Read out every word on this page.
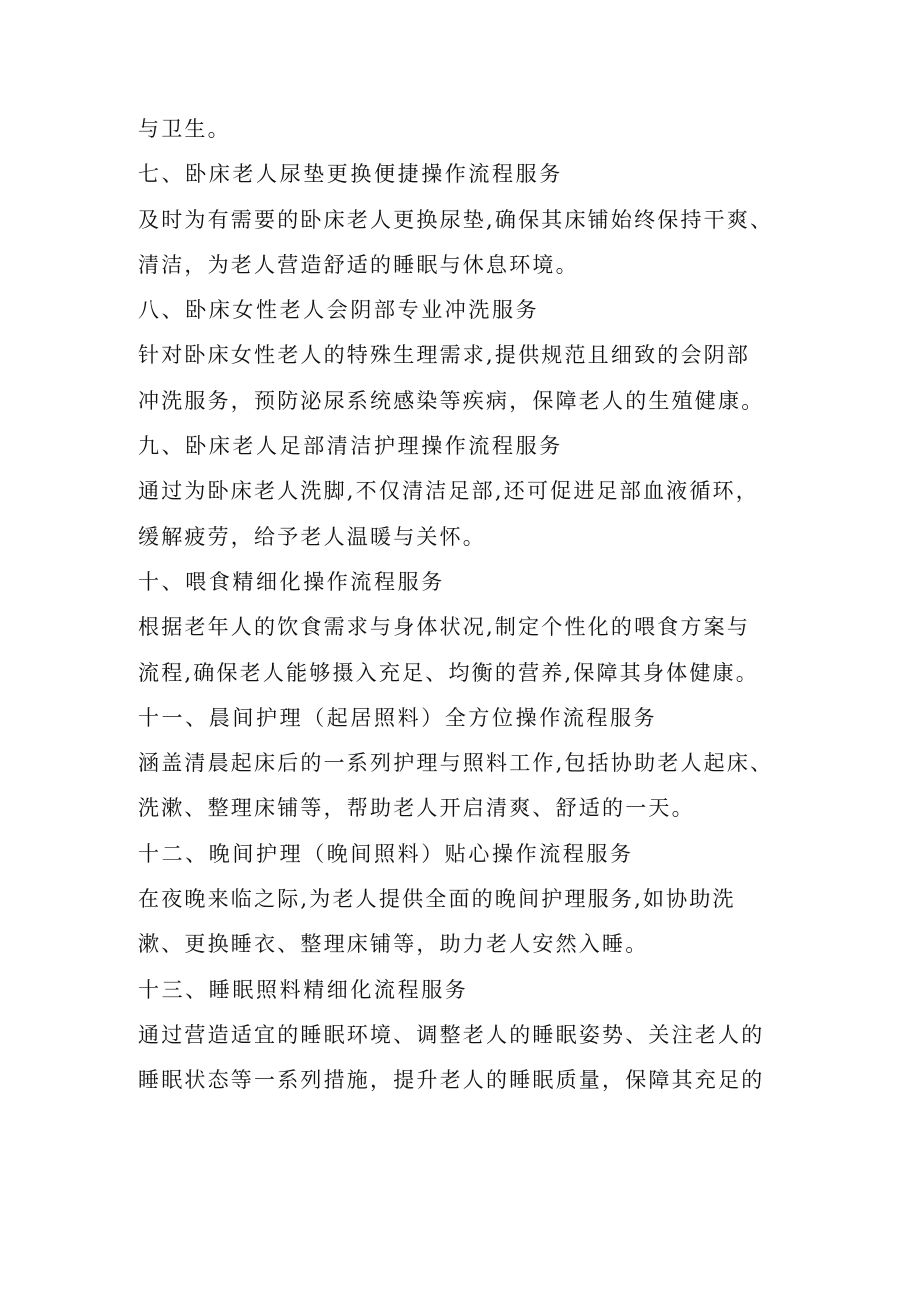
与卫生。
七、卧床老人尿垫更换便捷操作流程服务
及时为有需要的卧床老人更换尿垫,确保其床铺始终保持干爽、
清洁，为老人营造舒适的睡眠与休息环境。
八、卧床女性老人会阴部专业冲洗服务
针对卧床女性老人的特殊生理需求,提供规范且细致的会阴部
冲洗服务，预防泌尿系统感染等疾病，保障老人的生殖健康。
九、卧床老人足部清洁护理操作流程服务
通过为卧床老人洗脚,不仅清洁足部,还可促进足部血液循环，
缓解疲劳，给予老人温暖与关怀。
十、喂食精细化操作流程服务
根据老年人的饮食需求与身体状况,制定个性化的喂食方案与
流程,确保老人能够摄入充足、均衡的营养,保障其身体健康。
十一、晨间护理（起居照料）全方位操作流程服务
涵盖清晨起床后的一系列护理与照料工作,包括协助老人起床、
洗漱、整理床铺等，帮助老人开启清爽、舒适的一天。
十二、晚间护理（晚间照料）贴心操作流程服务
在夜晚来临之际,为老人提供全面的晚间护理服务,如协助洗
漱、更换睡衣、整理床铺等，助力老人安然入睡。
十三、睡眠照料精细化流程服务
通过营造适宜的睡眠环境、调整老人的睡眠姿势、关注老人的
睡眠状态等一系列措施，提升老人的睡眠质量，保障其充足的
